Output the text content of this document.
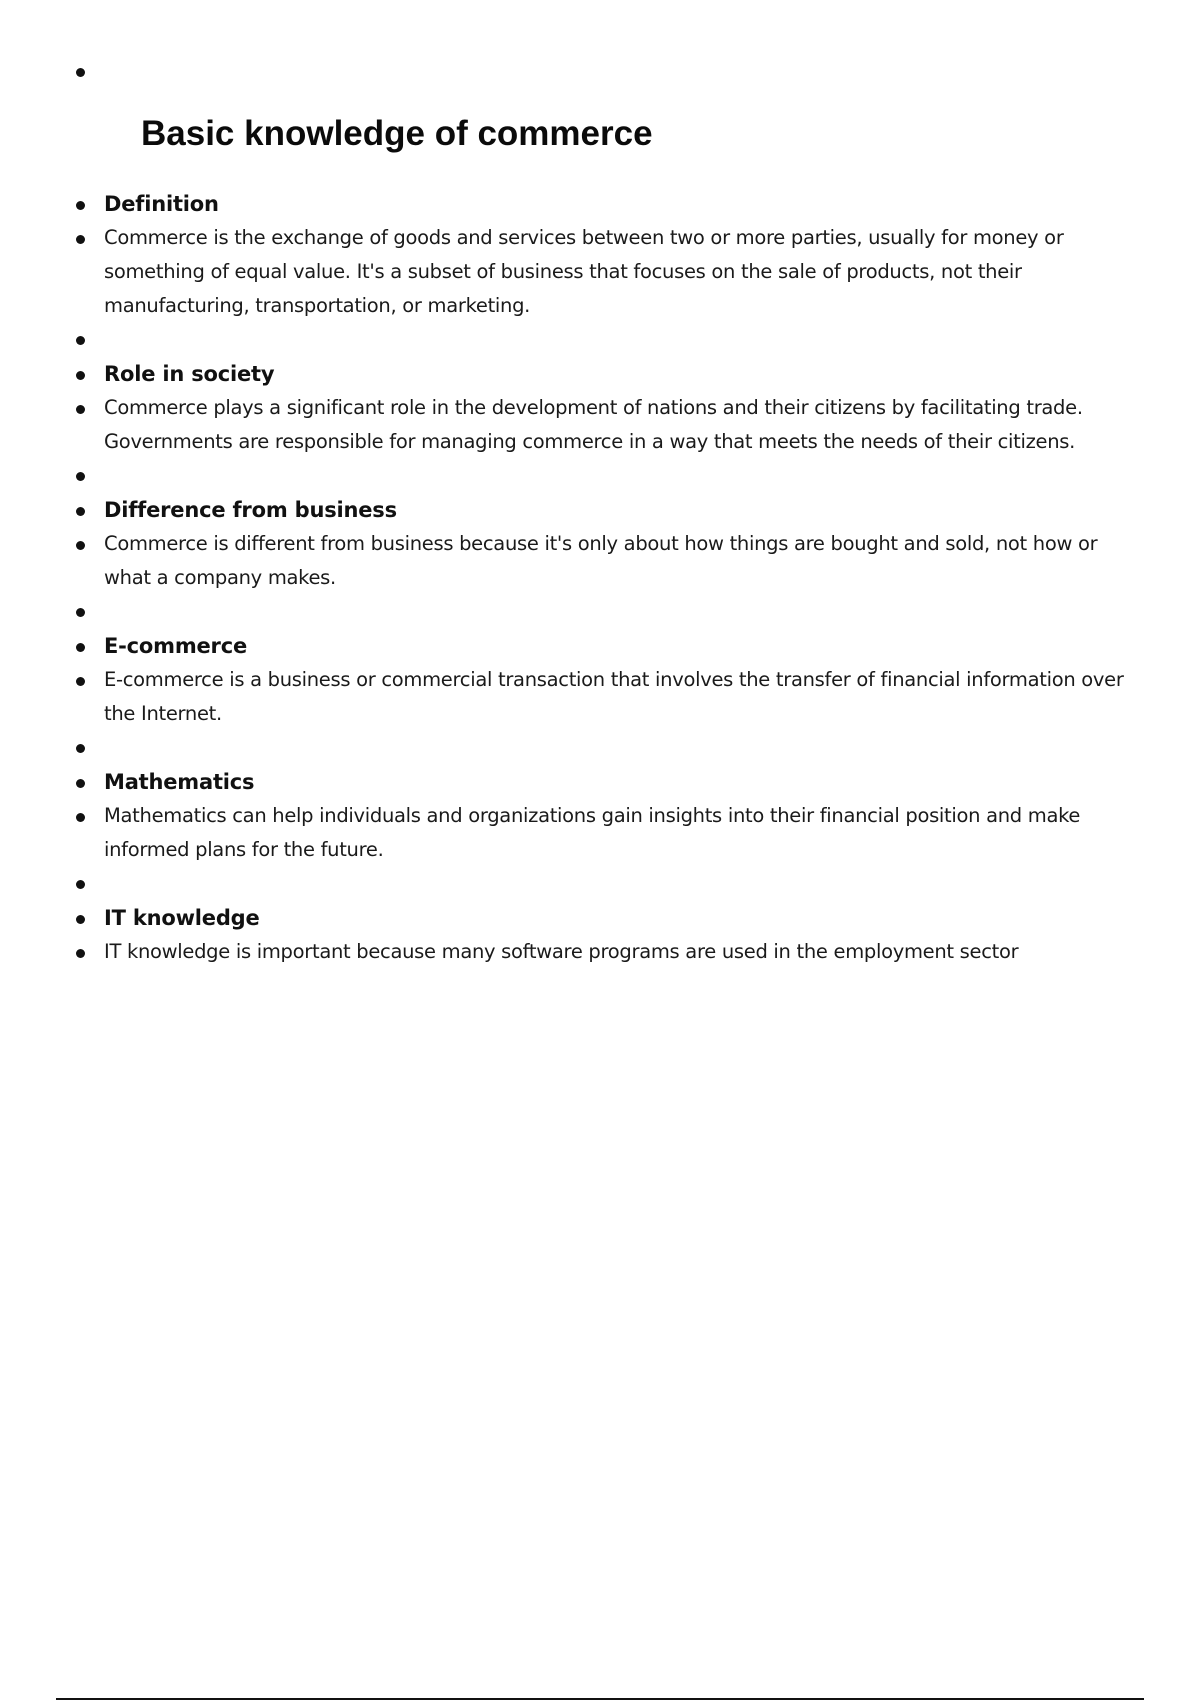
Basic knowledge of commerce
Definition
Commerce is the exchange of goods and services between two or more parties, usually for money or something of equal value. It's a subset of business that focuses on the sale of products, not their manufacturing, transportation, or marketing.
Role in society
Commerce plays a significant role in the development of nations and their citizens by facilitating trade. Governments are responsible for managing commerce in a way that meets the needs of their citizens.
Difference from business
Commerce is different from business because it's only about how things are bought and sold, not how or what a company makes.
E-commerce
E-commerce is a business or commercial transaction that involves the transfer of financial information over the Internet.
Mathematics
Mathematics can help individuals and organizations gain insights into their financial position and make informed plans for the future.
IT knowledge
IT knowledge is important because many software programs are used in the employment sector
